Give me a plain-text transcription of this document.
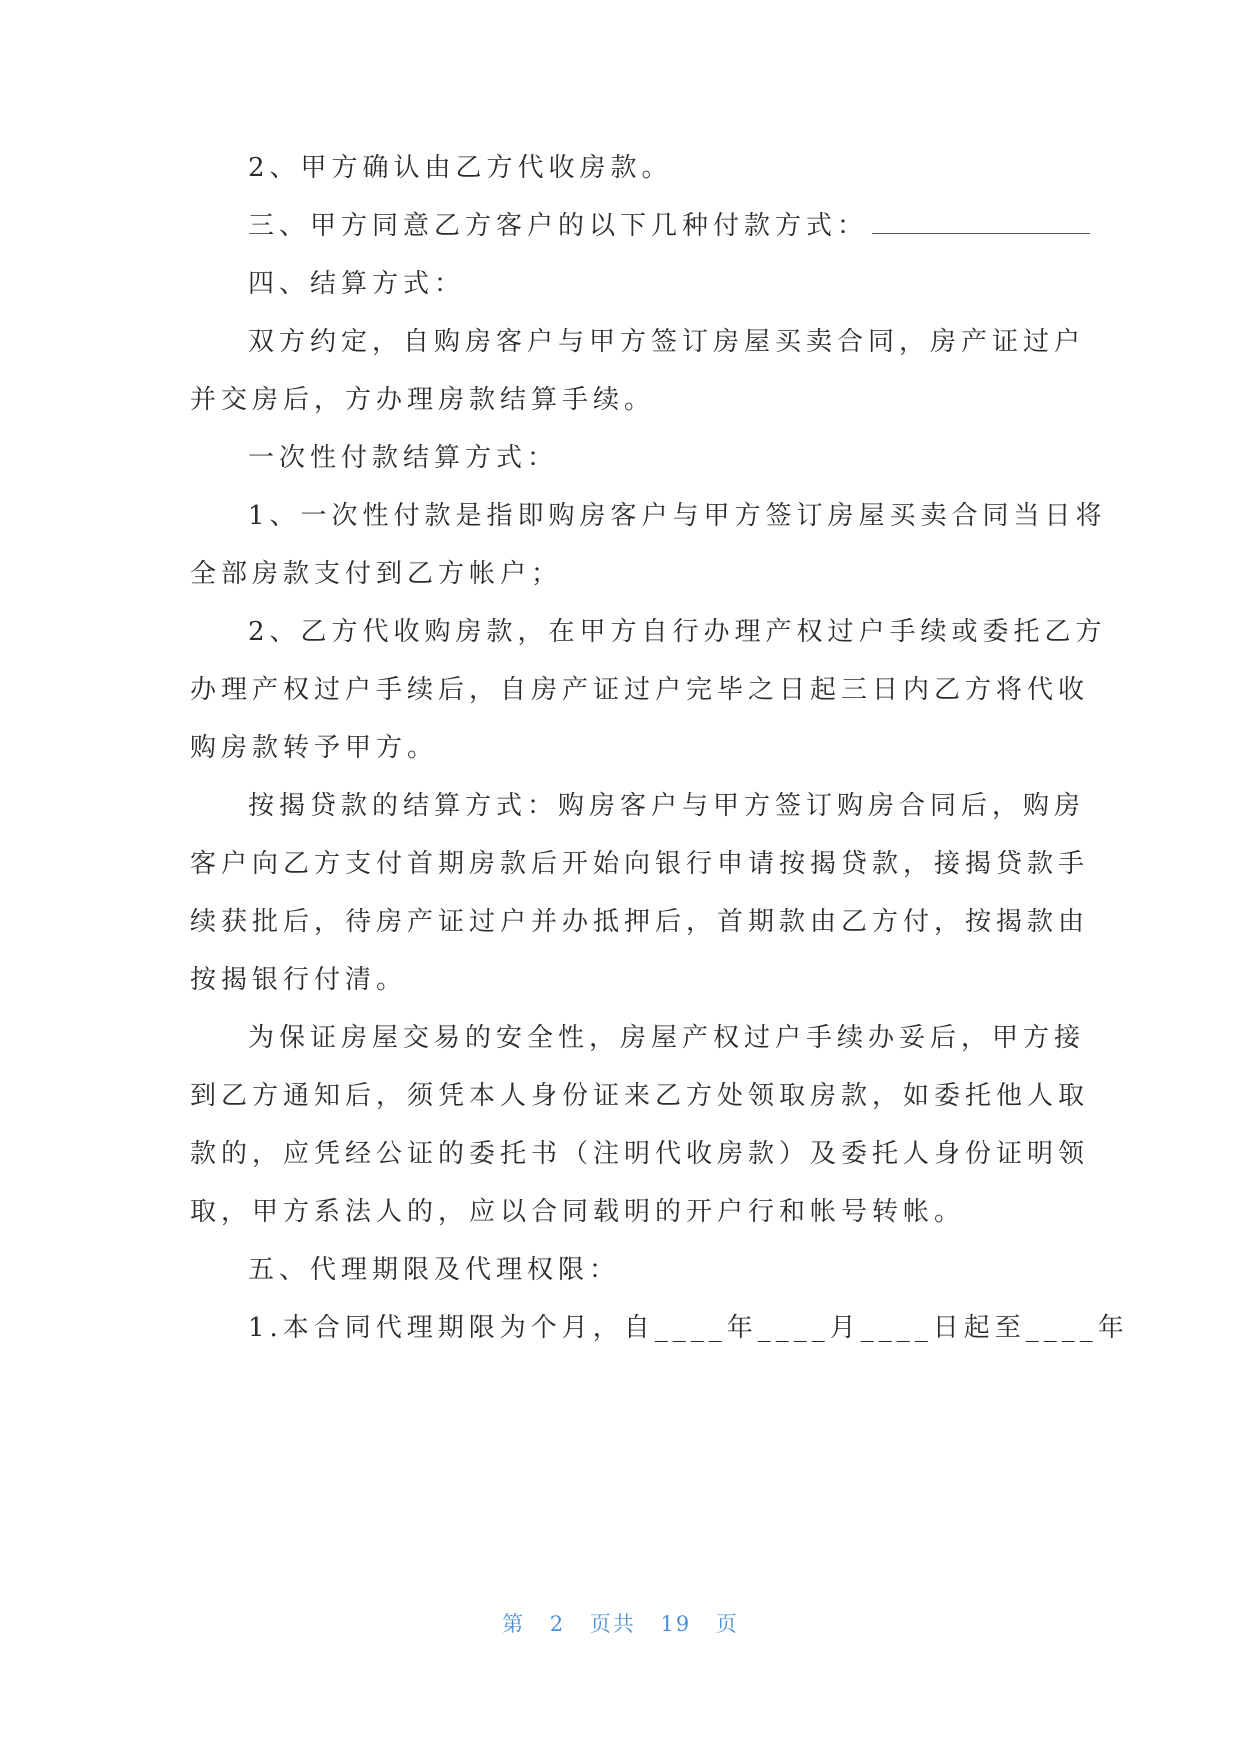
2、甲方确认由乙方代收房款。
三、甲方同意乙方客户的以下几种付款方式：
四、结算方式：
双方约定，自购房客户与甲方签订房屋买卖合同，房产证过户
并交房后，方办理房款结算手续。
一次性付款结算方式：
1、一次性付款是指即购房客户与甲方签订房屋买卖合同当日将
全部房款支付到乙方帐户；
2、乙方代收购房款，在甲方自行办理产权过户手续或委托乙方
办理产权过户手续后，自房产证过户完毕之日起三日内乙方将代收
购房款转予甲方。
按揭贷款的结算方式：购房客户与甲方签订购房合同后，购房
客户向乙方支付首期房款后开始向银行申请按揭贷款，接揭贷款手
续获批后，待房产证过户并办抵押后，首期款由乙方付，按揭款由
按揭银行付清。
为保证房屋交易的安全性，房屋产权过户手续办妥后，甲方接
到乙方通知后，须凭本人身份证来乙方处领取房款，如委托他人取
款的，应凭经公证的委托书（注明代收房款）及委托人身份证明领
取，甲方系法人的，应以合同载明的开户行和帐号转帐。
五、代理期限及代理权限：
1.本合同代理期限为个月，自____年____月____日起至____年
第 2 页共 19 页
